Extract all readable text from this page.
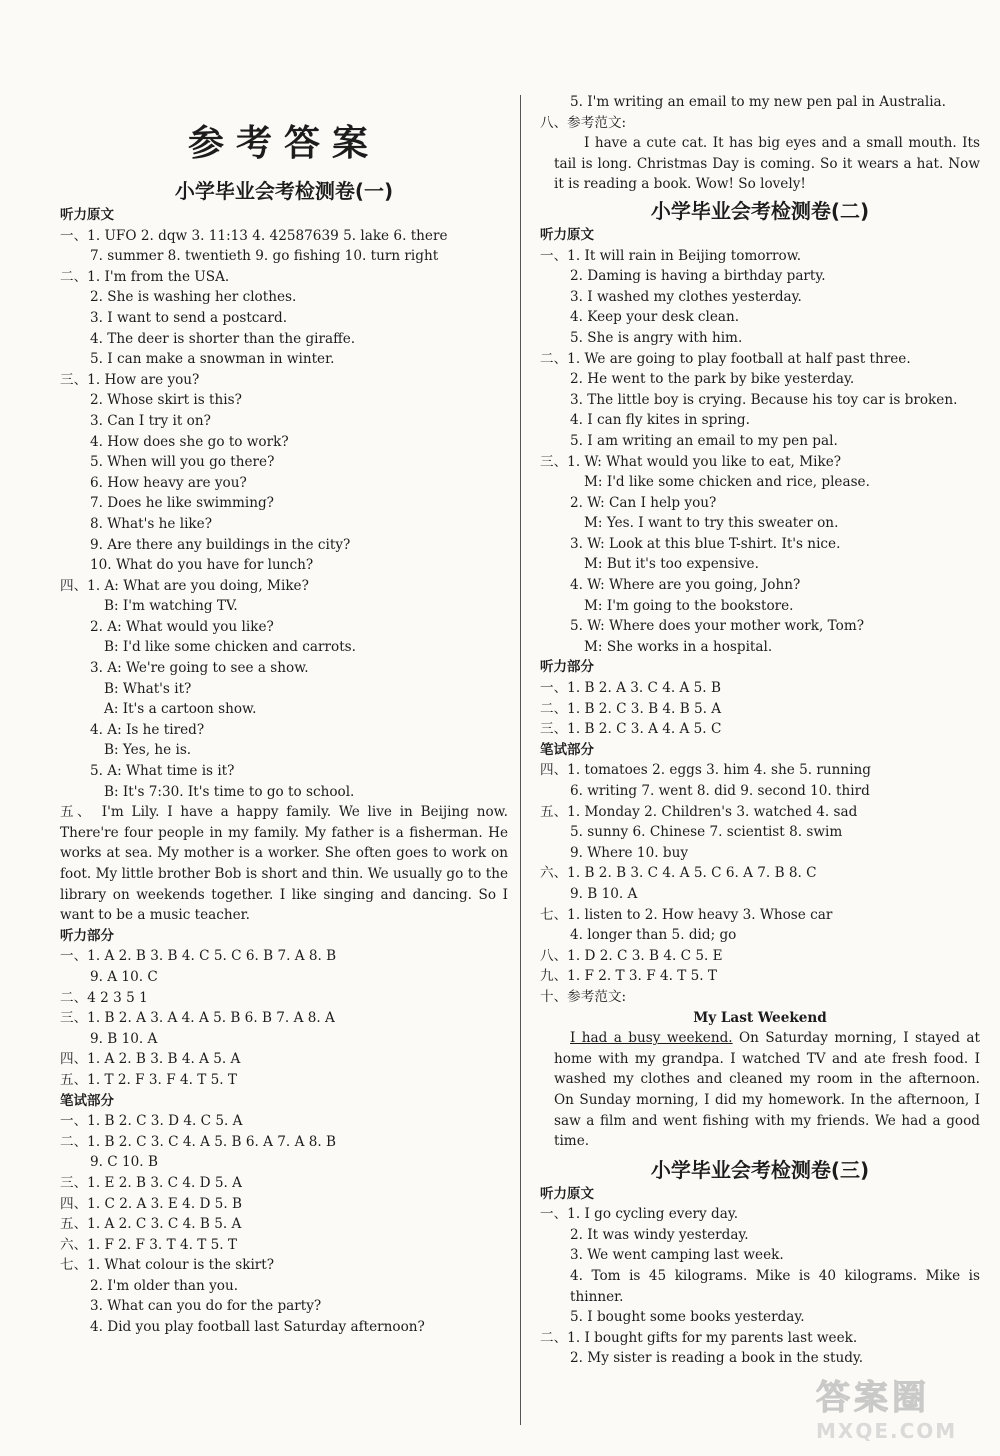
参考答案
小学毕业会考检测卷(一)
听力原文
一、1. UFO 2. dqw 3. 11:13 4. 42587639 5. lake 6. there
7. summer 8. twentieth 9. go fishing 10. turn right
二、1. I'm from the USA.
2. She is washing her clothes.
3. I want to send a postcard.
4. The deer is shorter than the giraffe.
5. I can make a snowman in winter.
三、1. How are you?
2. Whose skirt is this?
3. Can I try it on?
4. How does she go to work?
5. When will you go there?
6. How heavy are you?
7. Does he like swimming?
8. What's he like?
9. Are there any buildings in the city?
10. What do you have for lunch?
四、1. A: What are you doing, Mike?
B: I'm watching TV.
2. A: What would you like?
B: I'd like some chicken and carrots.
3. A: We're going to see a show.
B: What's it?
A: It's a cartoon show.
4. A: Is he tired?
B: Yes, he is.
5. A: What time is it?
B: It's 7:30. It's time to go to school.
五、 I'm Lily. I have a happy family. We live in Beijing now. There're four people in my family. My father is a fisherman. He works at sea. My mother is a worker. She often goes to work on foot. My little brother Bob is short and thin. We usually go to the library on weekends together. I like singing and dancing. So I want to be a music teacher.
听力部分
一、1. A 2. B 3. B 4. C 5. C 6. B 7. A 8. B
9. A 10. C
二、4 2 3 5 1
三、1. B 2. A 3. A 4. A 5. B 6. B 7. A 8. A
9. B 10. A
四、1. A 2. B 3. B 4. A 5. A
五、1. T 2. F 3. F 4. T 5. T
笔试部分
一、1. B 2. C 3. D 4. C 5. A
二、1. B 2. C 3. C 4. A 5. B 6. A 7. A 8. B
9. C 10. B
三、1. E 2. B 3. C 4. D 5. A
四、1. C 2. A 3. E 4. D 5. B
五、1. A 2. C 3. C 4. B 5. A
六、1. F 2. F 3. T 4. T 5. T
七、1. What colour is the skirt?
2. I'm older than you.
3. What can you do for the party?
4. Did you play football last Saturday afternoon?
5. I'm writing an email to my new pen pal in Australia.
八、参考范文:
I have a cute cat. It has big eyes and a small mouth. Its tail is long. Christmas Day is coming. So it wears a hat. Now it is reading a book. Wow! So lovely!
小学毕业会考检测卷(二)
听力原文
一、1. It will rain in Beijing tomorrow.
2. Daming is having a birthday party.
3. I washed my clothes yesterday.
4. Keep your desk clean.
5. She is angry with him.
二、1. We are going to play football at half past three.
2. He went to the park by bike yesterday.
3. The little boy is crying. Because his toy car is broken.
4. I can fly kites in spring.
5. I am writing an email to my pen pal.
三、1. W: What would you like to eat, Mike?
M: I'd like some chicken and rice, please.
2. W: Can I help you?
M: Yes. I want to try this sweater on.
3. W: Look at this blue T-shirt. It's nice.
M: But it's too expensive.
4. W: Where are you going, John?
M: I'm going to the bookstore.
5. W: Where does your mother work, Tom?
M: She works in a hospital.
听力部分
一、1. B 2. A 3. C 4. A 5. B
二、1. B 2. C 3. B 4. B 5. A
三、1. B 2. C 3. A 4. A 5. C
笔试部分
四、1. tomatoes 2. eggs 3. him 4. she 5. running
6. writing 7. went 8. did 9. second 10. third
五、1. Monday 2. Children's 3. watched 4. sad
5. sunny 6. Chinese 7. scientist 8. swim
9. Where 10. buy
六、1. B 2. B 3. C 4. A 5. C 6. A 7. B 8. C
9. B 10. A
七、1. listen to 2. How heavy 3. Whose car
4. longer than 5. did; go
八、1. D 2. C 3. B 4. C 5. E
九、1. F 2. T 3. F 4. T 5. T
十、参考范文:
My Last Weekend
I had a busy weekend. On Saturday morning, I stayed at home with my grandpa. I watched TV and ate fresh food. I washed my clothes and cleaned my room in the afternoon. On Sunday morning, I did my homework. In the afternoon, I saw a film and went fishing with my friends. We had a good time.
小学毕业会考检测卷(三)
听力原文
一、1. I go cycling every day.
2. It was windy yesterday.
3. We went camping last week.
4. Tom is 45 kilograms. Mike is 40 kilograms. Mike is thinner.
5. I bought some books yesterday.
二、1. I bought gifts for my parents last week.
2. My sister is reading a book in the study.
答案圈
MXQE.COM
